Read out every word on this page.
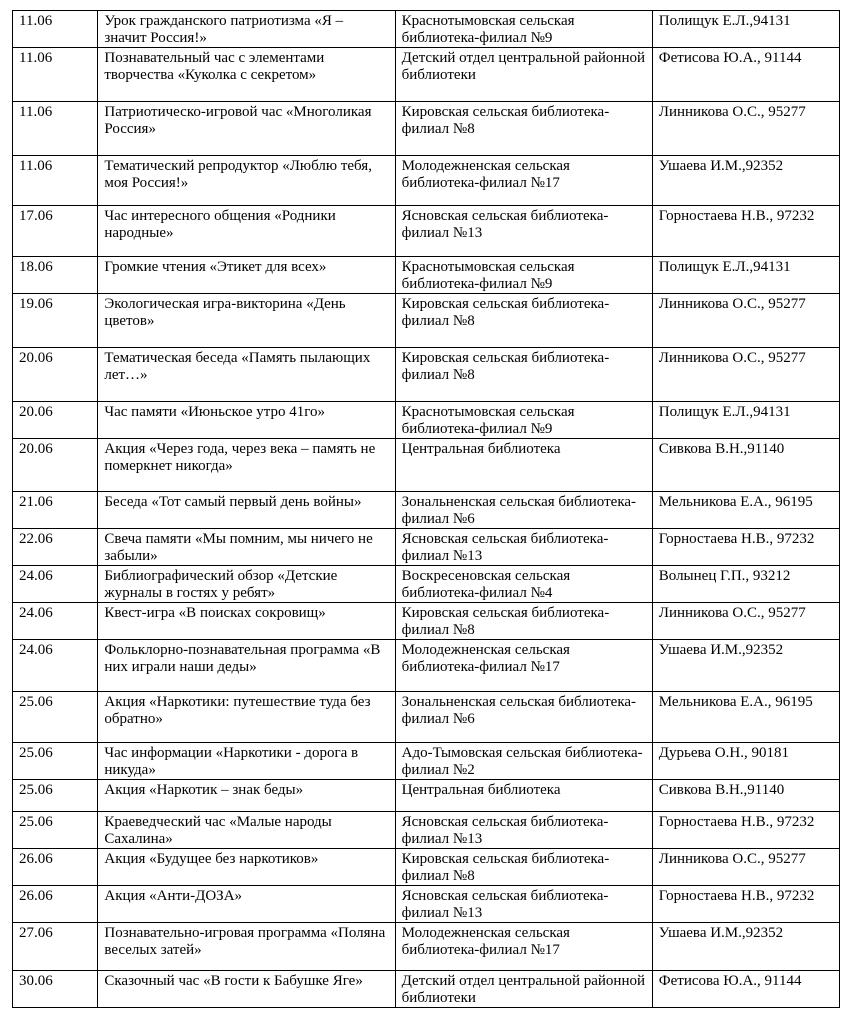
11.06	Урок гражданского патриотизма «Я – значит Россия!»	Краснотымовская сельская библиотека-филиал №9	Полищук Е.Л.,94131
11.06	Познавательный час с элементами творчества «Куколка с секретом»	Детский отдел центральной районной библиотеки	Фетисова Ю.А., 91144
11.06	Патриотическо-игровой час «Многоликая Россия»	Кировская сельская библиотека-филиал №8	Линникова О.С., 95277
11.06	Тематический репродуктор «Люблю тебя, моя Россия!»	Молодежненская сельская библиотека-филиал №17	Ушаева И.М.,92352
17.06	Час интересного общения «Родники народные»	Ясновская сельская библиотека-филиал №13	Горностаева Н.В., 97232
18.06	Громкие чтения «Этикет для всех»	Краснотымовская сельская библиотека-филиал №9	Полищук Е.Л.,94131
19.06	Экологическая игра-викторина «День цветов»	Кировская сельская библиотека-филиал №8	Линникова О.С., 95277
20.06	Тематическая беседа «Память пылающих лет…»	Кировская сельская библиотека-филиал №8	Линникова О.С., 95277
20.06	Час памяти «Июньское утро 41го»	Краснотымовская сельская библиотека-филиал №9	Полищук Е.Л.,94131
20.06	Акция «Через года, через века – память не померкнет никогда»	Центральная библиотека	Сивкова В.Н.,91140
21.06	Беседа «Тот самый первый день войны»	Зональненская сельская библиотека-филиал №6	Мельникова Е.А., 96195
22.06	Свеча памяти «Мы помним, мы ничего не забыли»	Ясновская сельская библиотека-филиал №13	Горностаева Н.В., 97232
24.06	Библиографический обзор «Детские журналы в гостях у ребят»	Воскресеновская сельская библиотека-филиал №4	Волынец Г.П., 93212
24.06	Квест-игра «В поисках сокровищ»	Кировская сельская библиотека-филиал №8	Линникова О.С., 95277
24.06	Фольклорно-познавательная программа «В них играли наши деды»	Молодежненская сельская библиотека-филиал №17	Ушаева И.М.,92352
25.06	Акция «Наркотики: путешествие туда без обратно»	Зональненская сельская библиотека-филиал №6	Мельникова Е.А., 96195
25.06	Час информации «Наркотики - дорога в никуда»	Адо-Тымовская сельская библиотека-филиал №2	Дурьева О.Н., 90181
25.06	Акция «Наркотик – знак беды»	Центральная библиотека	Сивкова В.Н.,91140
25.06	Краеведческий час «Малые народы Сахалина»	Ясновская сельская библиотека-филиал №13	Горностаева Н.В., 97232
26.06	Акция «Будущее без наркотиков»	Кировская сельская библиотека-филиал №8	Линникова О.С., 95277
26.06	Акция «Анти-ДОЗА»	Ясновская сельская библиотека-филиал №13	Горностаева Н.В., 97232
27.06	Познавательно-игровая программа «Поляна веселых затей»	Молодежненская сельская библиотека-филиал №17	Ушаева И.М.,92352
30.06	Сказочный час «В гости к Бабушке Яге»	Детский отдел центральной районной библиотеки	Фетисова Ю.А., 91144
